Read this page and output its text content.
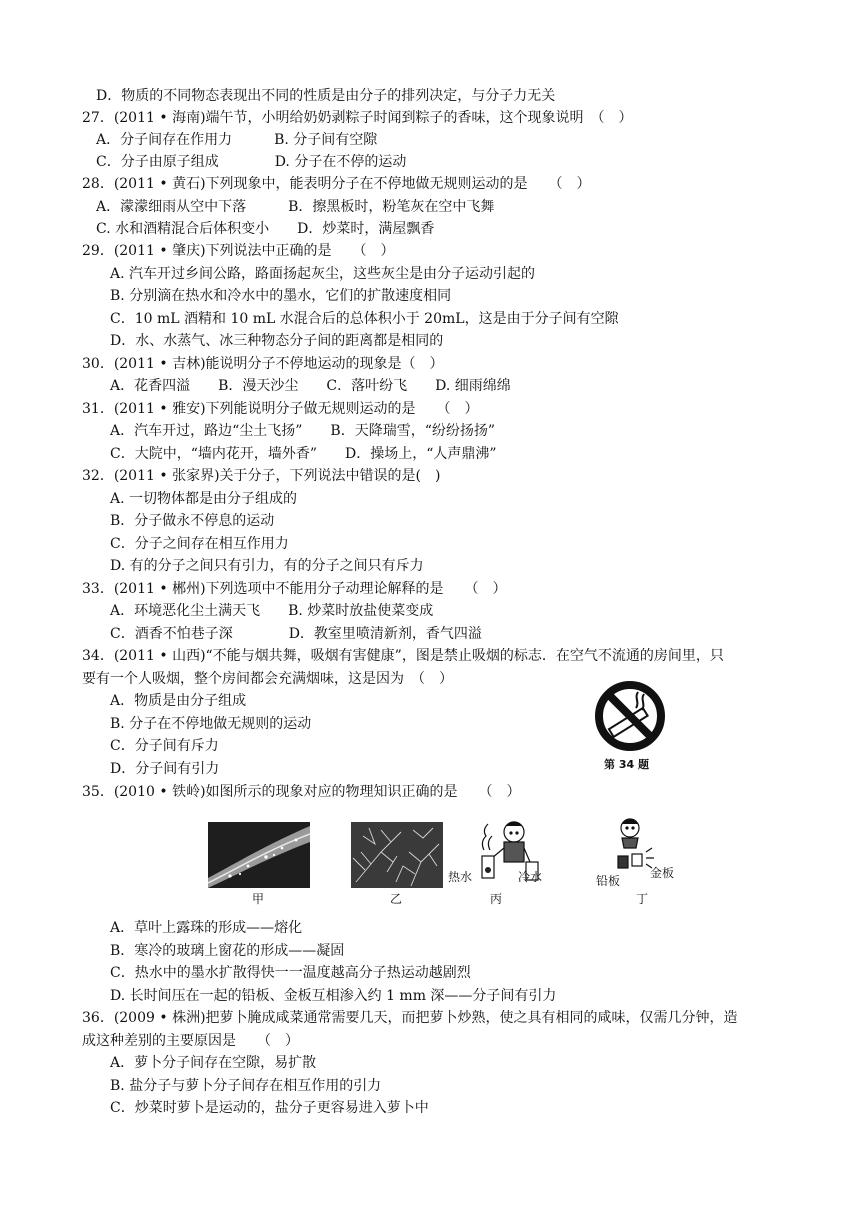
D．物质的不同物态表现出不同的性质是由分子的排列决定，与分子力无关
27．(2011 • 海南)端午节，小明给奶奶剥粽子时闻到粽子的香味，这个现象说明　（　）
A．分子间存在作用力　　　B. 分子间有空隙
C．分子由原子组成　　　　D. 分子在不停的运动
28．(2011 • 黄石)下列现象中，能表明分子在不停地做无规则运动的是　　（　）
A．濛濛细雨从空中下落　　　B．擦黑板时，粉笔灰在空中飞舞
C. 水和酒精混合后体积变小　　D．炒菜时，满屋飘香
29．(2011 • 肇庆)下列说法中正确的是　　（　）
A. 汽车开过乡间公路，路面扬起灰尘，这些灰尘是由分子运动引起的
B. 分别滴在热水和冷水中的墨水，它们的扩散速度相同
C．10 mL 酒精和 10 mL 水混合后的总体积小于 20mL，这是由于分子间有空隙
D．水、水蒸气、冰三种物态分子间的距离都是相同的
30．(2011 • 吉林)能说明分子不停地运动的现象是（　）
A．花香四溢　　B．漫天沙尘　　C．落叶纷飞　　D. 细雨绵绵
31．(2011 • 雅安)下列能说明分子做无规则运动的是　　（　）
A．汽车开过，路边“尘土飞扬”　　B．天降瑞雪，“纷纷扬扬”
C．大院中，“墙内花开，墙外香”　　D．操场上，“人声鼎沸”
32．(2011 • 张家界)关于分子，下列说法中错误的是(　)
A. 一切物体都是由分子组成的
B．分子做永不停息的运动
C．分子之间存在相互作用力
D. 有的分子之间只有引力，有的分子之间只有斥力
33．(2011 • 郴州)下列选项中不能用分子动理论解释的是　　（　）
A．环境恶化尘土满天飞　　B. 炒菜时放盐使菜变成
C．酒香不怕巷子深　　　　D．教室里喷清新剂，香气四溢
34．(2011 • 山西)“不能与烟共舞，吸烟有害健康”，图是禁止吸烟的标志．在空气不流通的房间里，只
要有一个人吸烟，整个房间都会充满烟味，这是因为　（　）
A．物质是由分子组成
B. 分子在不停地做无规则的运动
C．分子间有斥力
D．分子间有引力
35．(2010 • 铁岭)如图所示的现象对应的物理知识正确的是　　（　）
A．草叶上露珠的形成——熔化
B．寒冷的玻璃上窗花的形成——凝固
C．热水中的墨水扩散得快一一温度越高分子热运动越剧烈
D. 长时间压在一起的铅板、金板互相渗入约 1 mm 深——分子间有引力
36．(2009 • 株洲)把萝卜腌成咸菜通常需要几天，而把萝卜炒熟，使之具有相同的咸味，仅需几分钟，造
成这种差别的主要原因是　　（　）
A．萝卜分子间存在空隙，易扩散
B. 盐分子与萝卜分子间存在相互作用的引力
C．炒菜时萝卜是运动的，盐分子更容易进入萝卜中
第 34 题
甲	乙
热水	冷水
丙
铅板
金板
丁
